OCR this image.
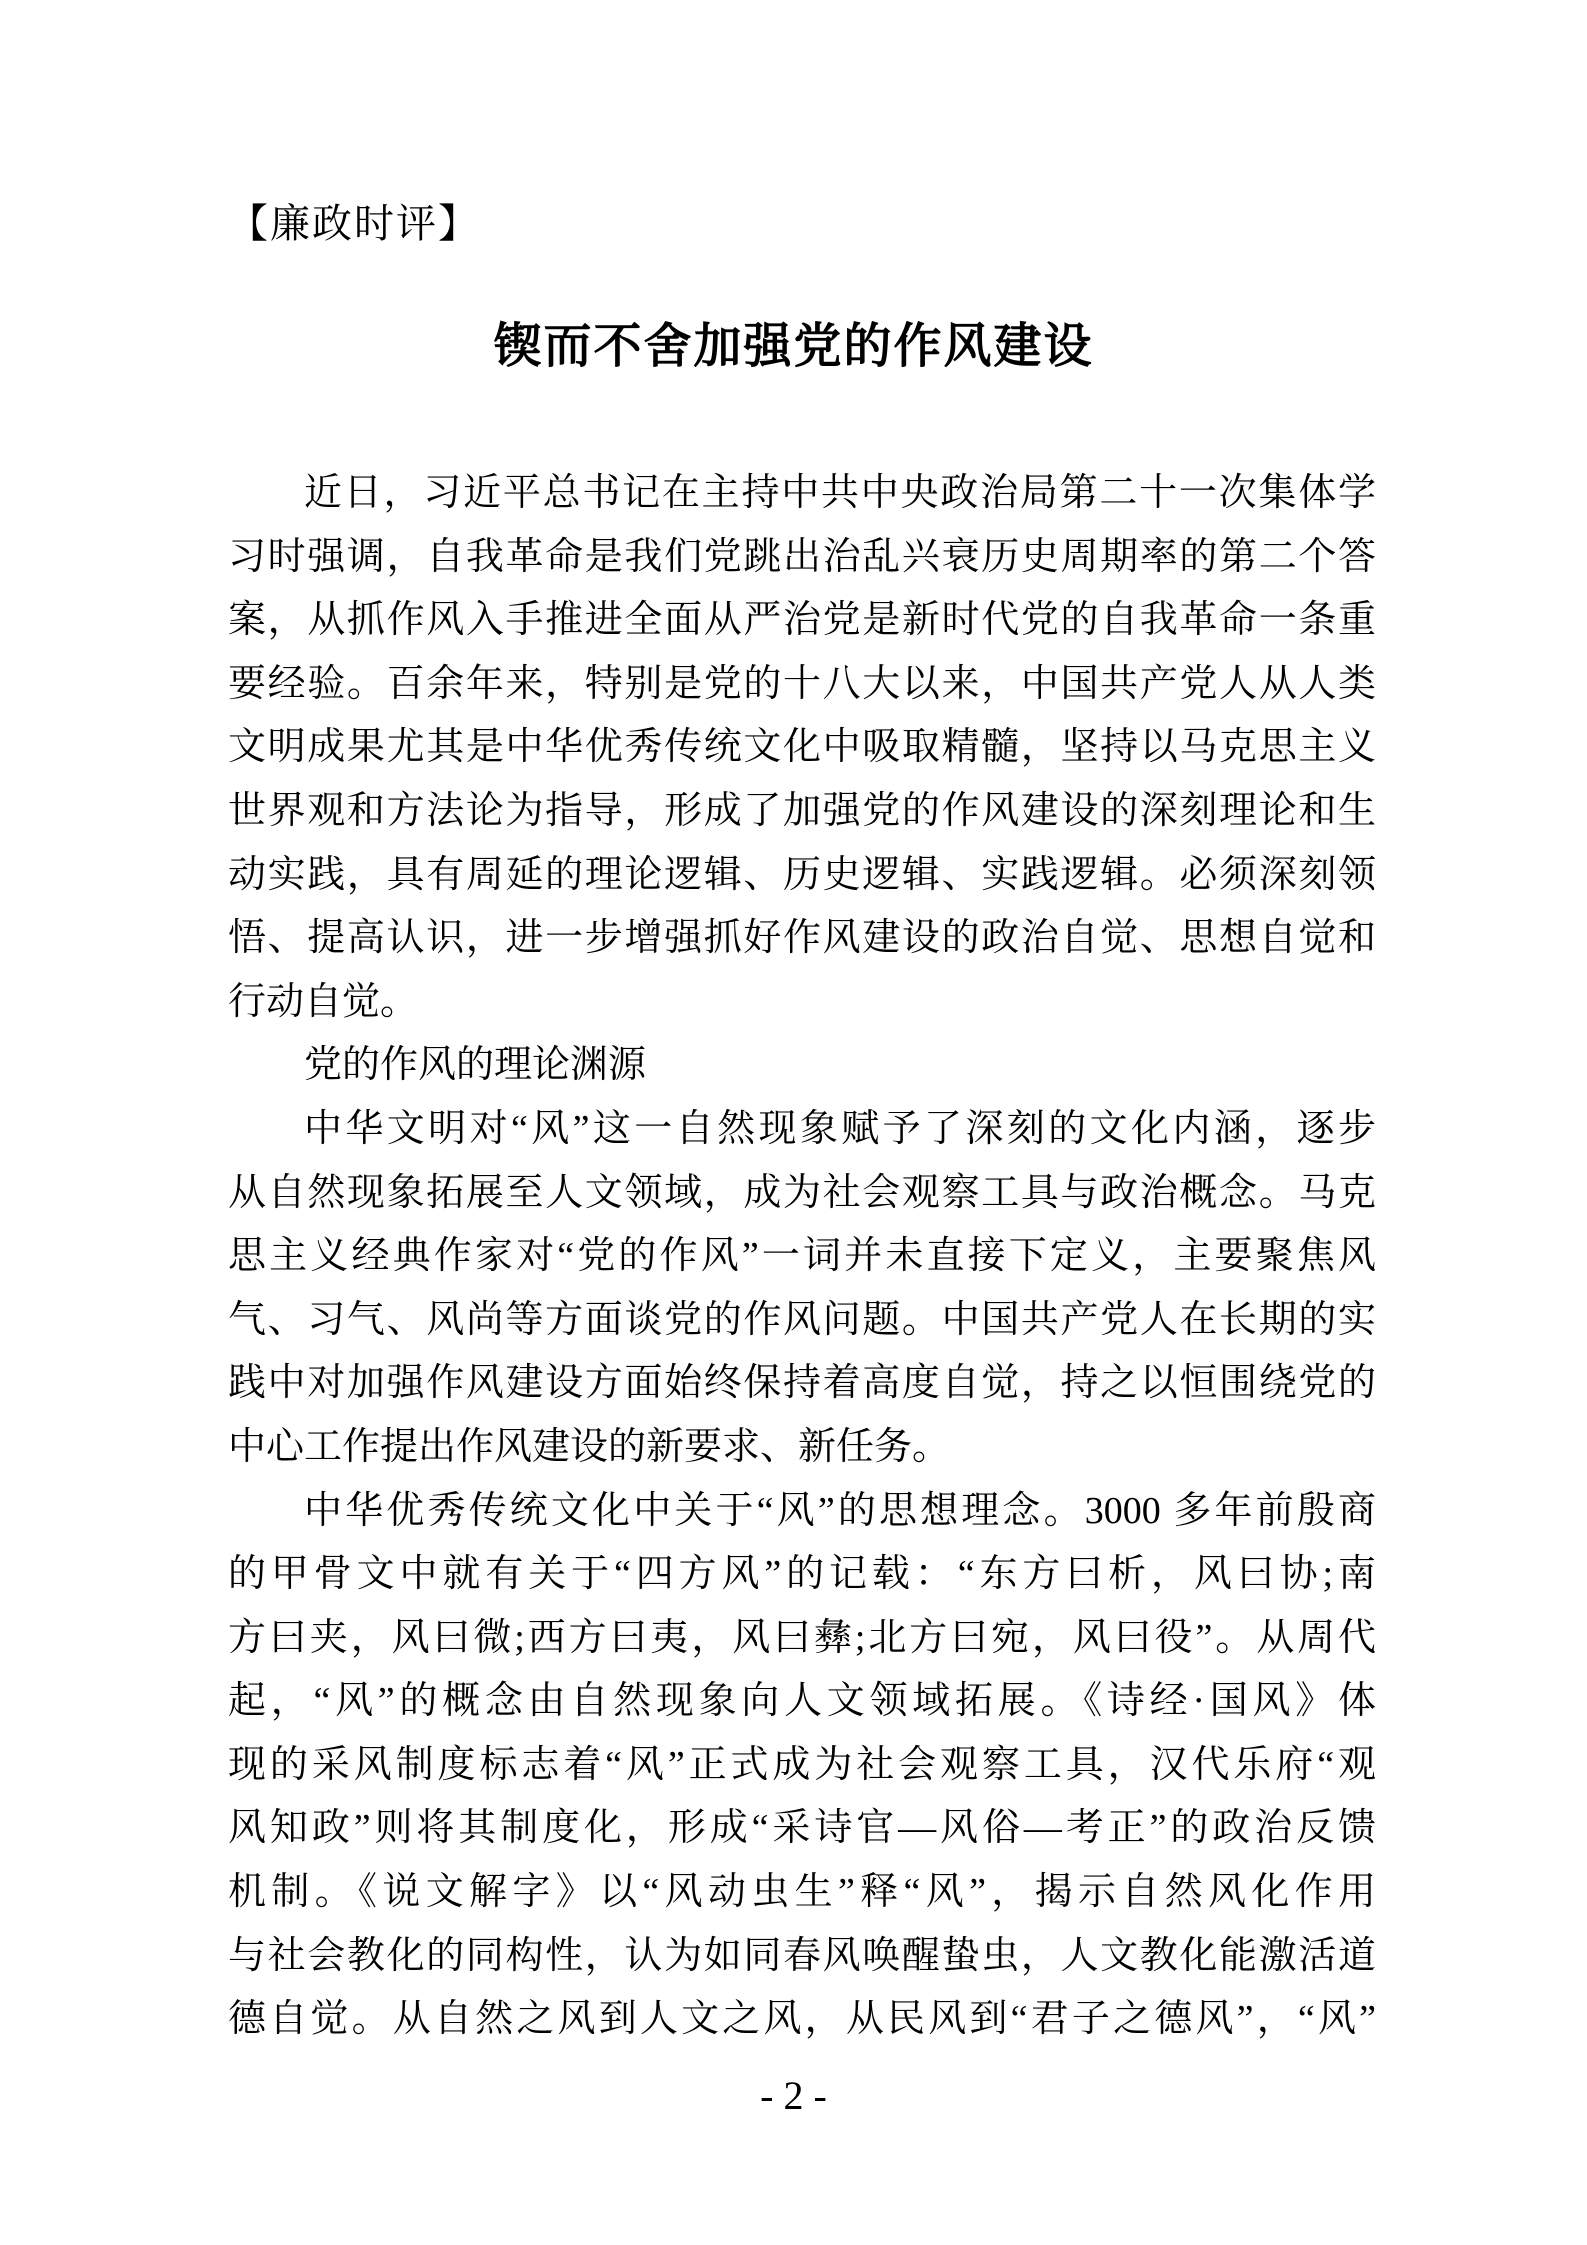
【廉政时评】
锲而不舍加强党的作风建设
近日，习近平总书记在主持中共中央政治局第二十一次集体学
习时强调，自我革命是我们党跳出治乱兴衰历史周期率的第二个答
案，从抓作风入手推进全面从严治党是新时代党的自我革命一条重
要经验。百余年来，特别是党的十八大以来，中国共产党人从人类
文明成果尤其是中华优秀传统文化中吸取精髓，坚持以马克思主义
世界观和方法论为指导，形成了加强党的作风建设的深刻理论和生
动实践，具有周延的理论逻辑、历史逻辑、实践逻辑。必须深刻领
悟、提高认识，进一步增强抓好作风建设的政治自觉、思想自觉和
行动自觉。
党的作风的理论渊源
中华文明对“风”这一自然现象赋予了深刻的文化内涵，逐步
从自然现象拓展至人文领域，成为社会观察工具与政治概念。马克
思主义经典作家对“党的作风”一词并未直接下定义，主要聚焦风
气、习气、风尚等方面谈党的作风问题。中国共产党人在长期的实
践中对加强作风建设方面始终保持着高度自觉，持之以恒围绕党的
中心工作提出作风建设的新要求、新任务。
中华优秀传统文化中关于“风”的思想理念。3000 多年前殷商
的甲骨文中就有关于“四方风”的记载：“东方曰析，风曰协;南
方曰夹，风曰微;西方曰夷，风曰彝;北方曰宛，风曰役”。从周代
起，“风”的概念由自然现象向人文领域拓展。《诗经·国风》体
现的采风制度标志着“风”正式成为社会观察工具，汉代乐府“观
风知政”则将其制度化，形成“采诗官—风俗—考正”的政治反馈
机制。《说文解字》以“风动虫生”释“风”，揭示自然风化作用
与社会教化的同构性，认为如同春风唤醒蛰虫，人文教化能激活道
德自觉。从自然之风到人文之风，从民风到“君子之德风”，“风”
- 2 -
